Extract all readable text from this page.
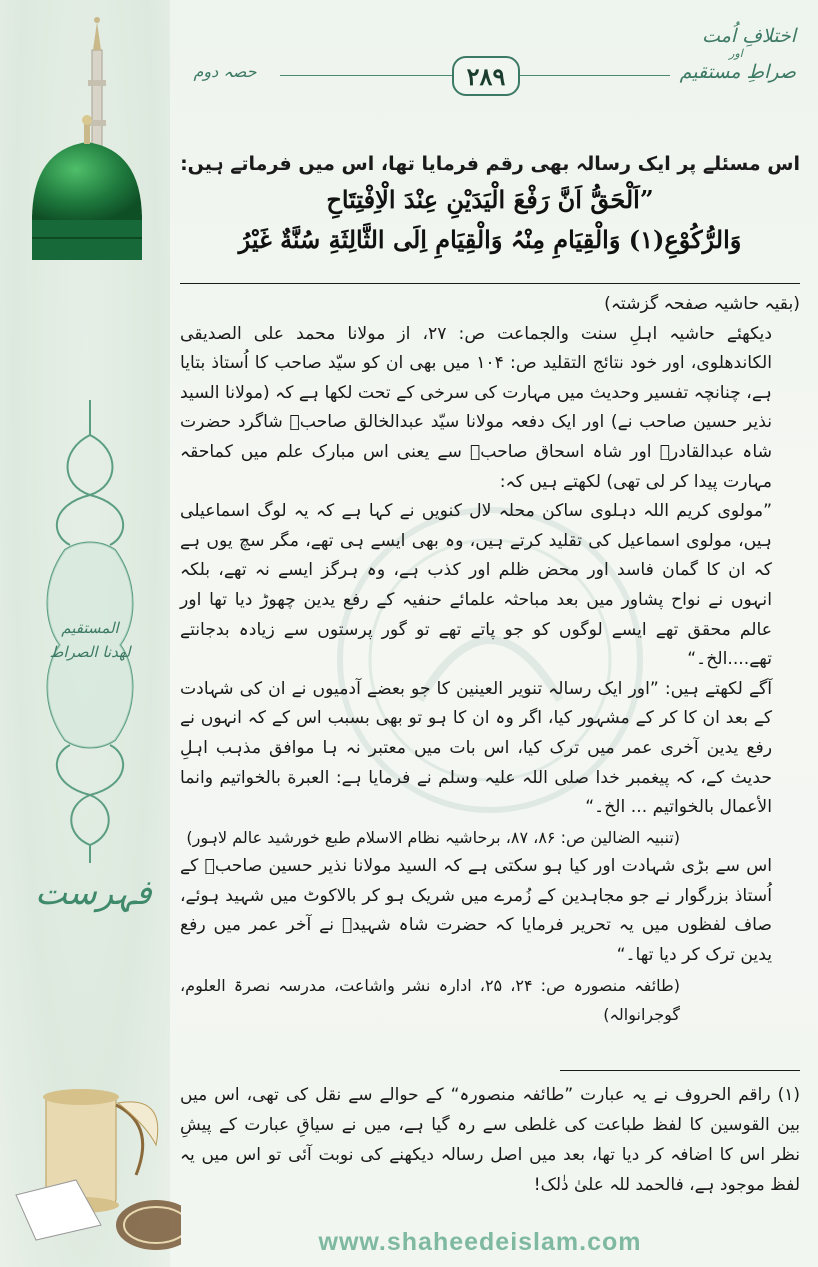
المستقیم
لھدنا الصراط
فہرست
اختلافِ اُمت
اور
صراطِ مستقیم
حصہ دوم	۲۸۹
اس مسئلے پر ایک رسالہ بھی رقم فرمایا تھا، اس میں فرماتے ہیں:
”اَلْحَقُّ اَنَّ رَفْعَ الْیَدَیْنِ عِنْدَ الْاِفْتِتَاحِ
وَالرُّکُوْعِ(۱) وَالْقِیَامِ مِنْہُ وَالْقِیَامِ اِلَی الثَّالِثَةِ سُنَّةٌ غَیْرُ

(بقیہ حاشیہ صفحہ گزشتہ)

دیکھئے حاشیہ اہلِ سنت والجماعت ص: ۲۷، از مولانا محمد علی الصدیقی الکاندھلوی، اور خود نتائج التقلید ص: ۱۰۴ میں بھی ان کو سیّد صاحب کا اُستاذ بتایا ہے، چنانچہ تفسیر وحدیث میں مہارت کی سرخی کے تحت لکھا ہے کہ (مولانا السید نذیر حسین صاحب نے) اور ایک دفعہ مولانا سیّد عبدالخالق صاحبؒ شاگرد حضرت شاہ عبدالقادرؒ اور شاہ اسحاق صاحبؒ سے یعنی اس مبارک علم میں کماحقہ مہارت پیدا کر لی تھی) لکھتے ہیں کہ:

”مولوی کریم اللہ دہلوی ساکن محلہ لال کنویں نے کہا ہے کہ یہ لوگ اسماعیلی ہیں، مولوی اسماعیل کی تقلید کرتے ہیں، وہ بھی ایسے ہی تھے، مگر سچ یوں ہے کہ ان کا گمان فاسد اور محض ظلم اور کذب ہے، وہ ہرگز ایسے نہ تھے، بلکہ انہوں نے نواح پشاور میں بعد مباحثہ علمائے حنفیہ کے رفع یدین چھوڑ دیا تھا اور عالم محقق تھے ایسے لوگوں کو جو پاتے تھے تو گور پرستوں سے زیادہ بدجانتے تھے....الخ۔“

آگے لکھتے ہیں: ”اور ایک رسالہ تنویر العینین کا جو بعضے آدمیوں نے ان کی شہادت کے بعد ان کا کر کے مشہور کیا، اگر وہ ان کا ہو تو بھی بسبب اس کے کہ انہوں نے رفع یدین آخری عمر میں ترک کیا، اس بات میں معتبر نہ ہا موافق مذہب اہلِ حدیث کے، کہ پیغمبر خدا صلی اللہ علیہ وسلم نے فرمایا ہے: العبرة بالخواتیم وانما الأعمال بالخواتیم ... الخ۔“

(تنبیہ الضالین ص: ۸۶، ۸۷، برحاشیہ نظام الاسلام طبع خورشید عالم لاہور)

اس سے بڑی شہادت اور کیا ہو سکتی ہے کہ السید مولانا نذیر حسین صاحبؒ کے اُستاذ بزرگوار نے جو مجاہدین کے زُمرے میں شریک ہو کر بالاکوٹ میں شہید ہوئے، صاف لفظوں میں یہ تحریر فرمایا کہ حضرت شاہ شہیدؒ نے آخر عمر میں رفع یدین ترک کر دیا تھا۔“

(طائفہ منصورہ ص: ۲۴، ۲۵، ادارہ نشر واشاعت، مدرسہ نصرۃ العلوم، گوجرانوالہ)

(۱) راقم الحروف نے یہ عبارت ”طائفہ منصورہ“ کے حوالے سے نقل کی تھی، اس میں بین القوسین کا لفظ طباعت کی غلطی سے رہ گیا ہے، میں نے سیاقِ عبارت کے پیشِ نظر اس کا اضافہ کر دیا تھا، بعد میں اصل رسالہ دیکھنے کی نوبت آئی تو اس میں یہ لفظ موجود ہے، فالحمد للہ علیٰ ذٰلک!

www.shaheedeislam.com
